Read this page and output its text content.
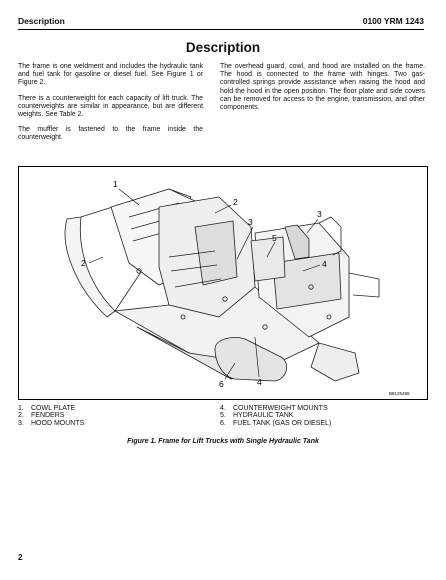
Description	0100 YRM 1243
Description

The frame is one weldment and includes the hydraulic tank and fuel tank for gasoline or diesel fuel. See Figure 1 or Figure 2.

There is a counterweight for each capacity of lift truck. The counterweights are similar in appearance, but are different weights. See Table 2.

The muffler is fastened to the frame inside the counterweight.

The overhead guard, cowl, and hood are installed on the frame. The hood is connected to the frame with hinges. Two gas-controlled springs provide assistance when raising the hood and hold the hood in the open position. The floor plate and side covers can be removed for access to the engine, transmission, and other components.

1
2
2
3
3
4
5
4
6
B8125488
1.	COWL PLATE
2.	FENDERS
3.	HOOD MOUNTS
4.	COUNTERWEIGHT MOUNTS
5.	HYDRAULIC TANK
6.	FUEL TANK (GAS OR DIESEL)
Figure 1. Frame for Lift Trucks with Single Hydraulic Tank
2
